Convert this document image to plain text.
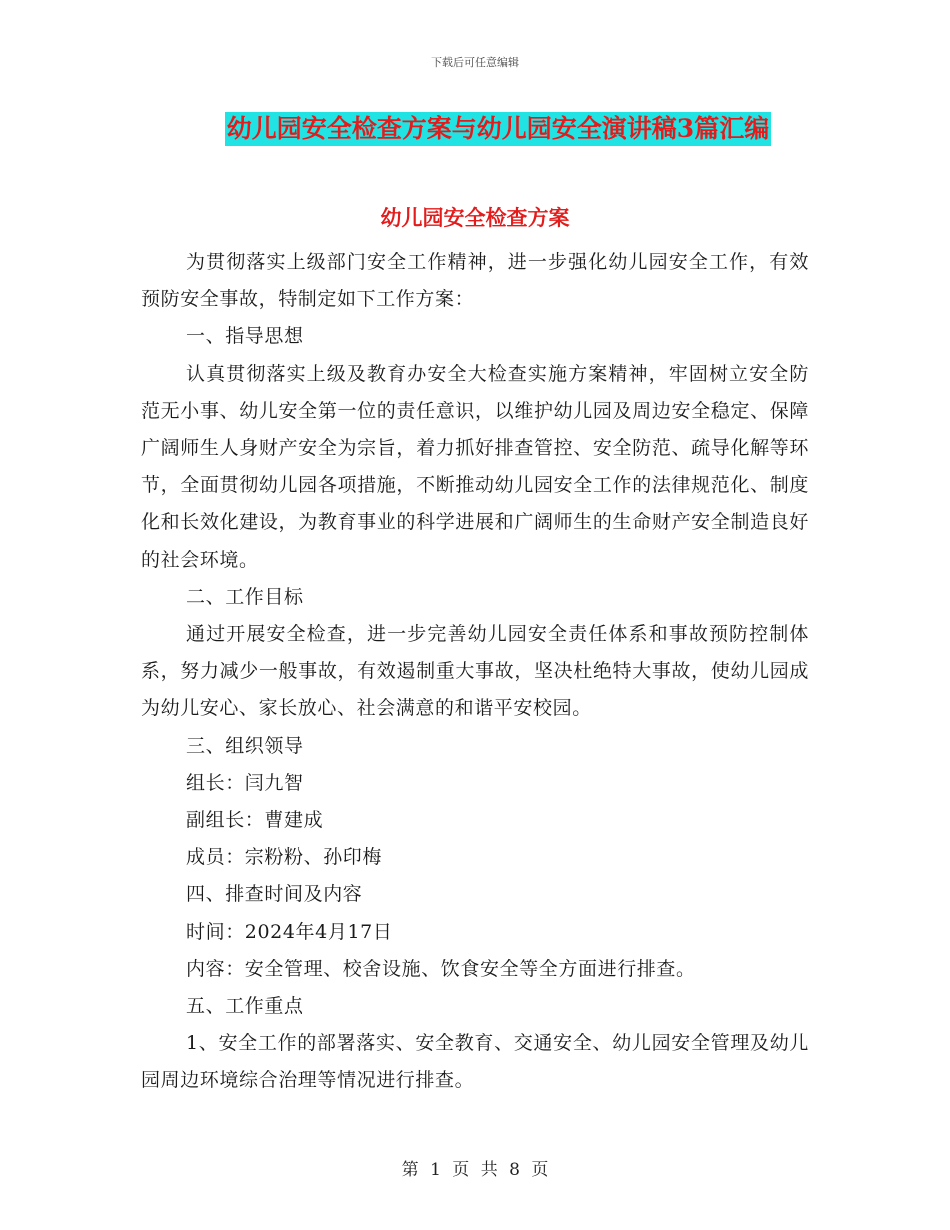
下载后可任意编辑
幼儿园安全检查方案与幼儿园安全演讲稿3篇汇编
幼儿园安全检查方案

为贯彻落实上级部门安全工作精神，进一步强化幼儿园安全工作，有效预防安全事故，特制定如下工作方案：

一、指导思想

认真贯彻落实上级及教育办安全大检查实施方案精神，牢固树立安全防范无小事、幼儿安全第一位的责任意识，以维护幼儿园及周边安全稳定、保障广阔师生人身财产安全为宗旨，着力抓好排查管控、安全防范、疏导化解等环节，全面贯彻幼儿园各项措施，不断推动幼儿园安全工作的法律规范化、制度化和长效化建设，为教育事业的科学进展和广阔师生的生命财产安全制造良好的社会环境。

二、工作目标

通过开展安全检查，进一步完善幼儿园安全责任体系和事故预防控制体系，努力减少一般事故，有效遏制重大事故，坚决杜绝特大事故，使幼儿园成为幼儿安心、家长放心、社会满意的和谐平安校园。

三、组织领导

组长：闫九智

副组长：曹建成

成员：宗粉粉、孙印梅

四、排查时间及内容

时间：2024年4月17日

内容：安全管理、校舍设施、饮食安全等全方面进行排查。

五、工作重点

1、安全工作的部署落实、安全教育、交通安全、幼儿园安全管理及幼儿园周边环境综合治理等情况进行排查。

第 1 页 共 8 页
